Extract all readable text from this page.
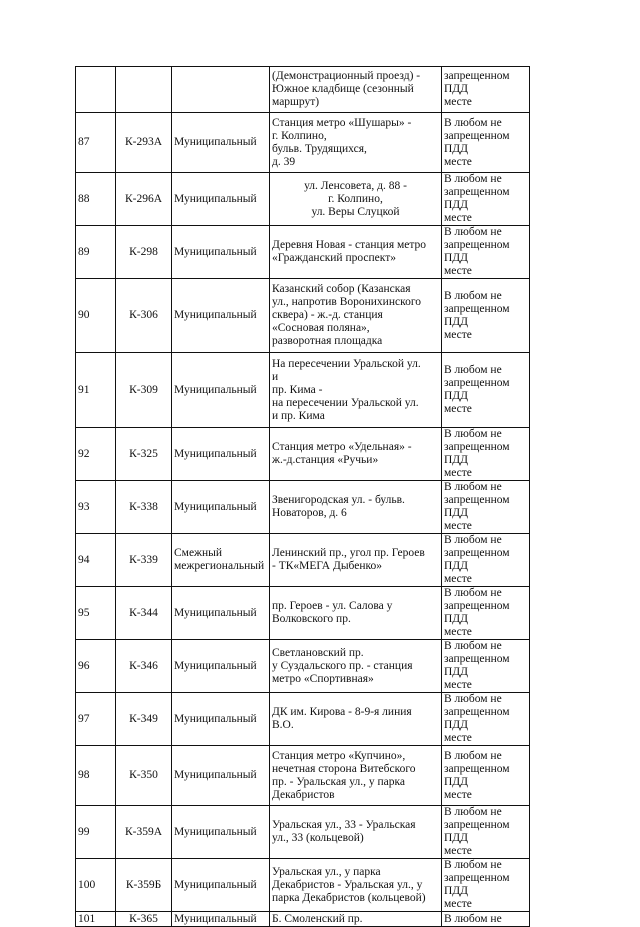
			(Демонстрационный проезд) -
Южное кладбище (сезонный
маршрут)	запрещенном ПДД
месте
87	К-293А	Муниципальный	Станция метро «Шушары» -
г. Колпино,
бульв. Трудящихся,
д. 39	В любом не
запрещенном ПДД
месте
88	К-296А	Муниципальный	ул. Ленсовета, д. 88 -
г. Колпино,
ул. Веры Слуцкой	В любом не
запрещенном ПДД
месте
89	К-298	Муниципальный	Деревня Новая - станция метро
«Гражданский проспект»	В любом не
запрещенном ПДД
месте
90	К-306	Муниципальный	Казанский собор (Казанская
ул., напротив Воронихинского
сквера) - ж.-д. станция
«Сосновая поляна»,
разворотная площадка	В любом не
запрещенном ПДД
месте
91	К-309	Муниципальный	На пересечении Уральской ул.
и
пр. Кима -
на пересечении Уральской ул.
и пр. Кима	В любом не
запрещенном ПДД
месте
92	К-325	Муниципальный	Станция метро «Удельная» -
ж.-д.станция «Ручьи»	В любом не
запрещенном ПДД
месте
93	К-338	Муниципальный	Звенигородская ул. - бульв.
Новаторов, д. 6	В любом не
запрещенном ПДД
месте
94	К-339	Смежный
межрегиональный	Ленинский пр., угол пр. Героев
- ТК«МЕГА Дыбенко»	В любом не
запрещенном ПДД
месте
95	К-344	Муниципальный	пр. Героев - ул. Салова у
Волковского пр.	В любом не
запрещенном ПДД
месте
96	К-346	Муниципальный	Светлановский пр.
у Суздальского пр. - станция
метро «Спортивная»	В любом не
запрещенном ПДД
месте
97	К-349	Муниципальный	ДК им. Кирова - 8-9-я линия
В.О.	В любом не
запрещенном ПДД
месте
98	К-350	Муниципальный	Станция метро «Купчино»,
нечетная сторона Витебского
пр. - Уральская ул., у парка
Декабристов	В любом не
запрещенном ПДД
месте
99	К-359А	Муниципальный	Уральская ул., 33 - Уральская
ул., 33 (кольцевой)	В любом не
запрещенном ПДД
месте
100	К-359Б	Муниципальный	Уральская ул., у парка
Декабристов - Уральская ул., у
парка Декабристов (кольцевой)	В любом не
запрещенном ПДД
месте
101	К-365	Муниципальный	Б. Смоленский пр.	В любом не
